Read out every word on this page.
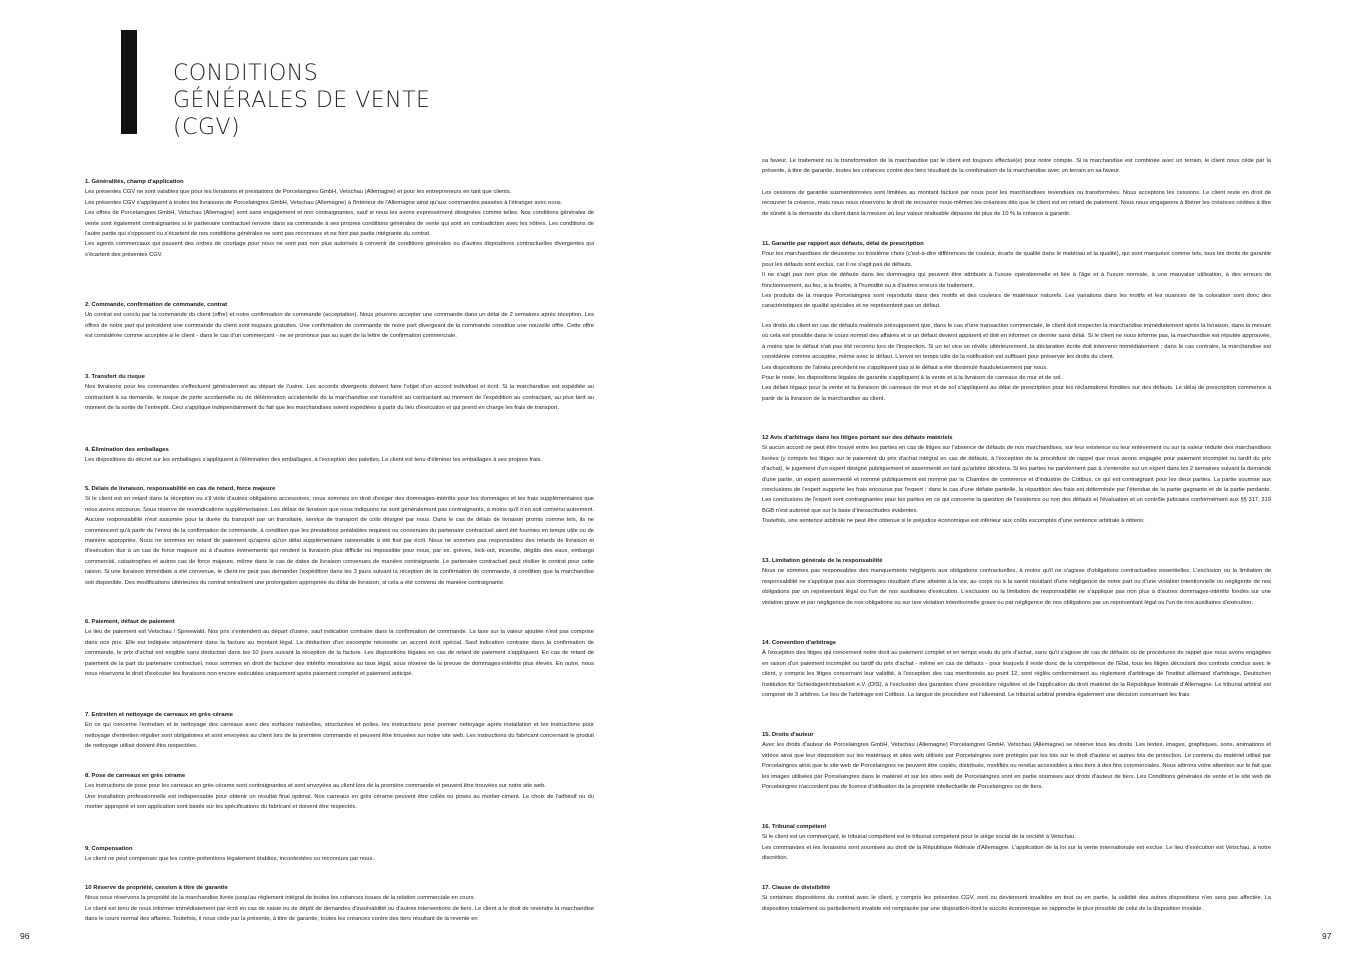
CONDITIONS
GÉNÉRALES DE VENTE
(CGV)
1. Généralités, champ d'application

Les présentes CGV ne sont valables que pour les livraisons et prestations de Porcelaingres GmbH, Vetschau (Allemagne) et pour les entrepreneurs en tant que clients.

Les présentes CGV s'appliquent à toutes les livraisons de Porcelaingres GmbH, Vetschau (Allemagne) à l'intérieur de l'Allemagne ainsi qu'aux commandes passées à l'étranger avec nous.

Les offres de Porcelaingres GmbH, Vetschau (Allemagne) sont sans engagement et non contraignantes, sauf si nous les avons expressément désignées comme telles. Nos conditions générales de vente sont également contraignantes si le partenaire contractuel renvoie dans sa commande à ses propres conditions générales de vente qui sont en contradiction avec les nôtres. Les conditions de l'autre partie qui s'opposent ou s'écartent de nos conditions générales ne sont pas reconnues et ne font pas partie intégrante du contrat.

Les agents commerciaux qui passent des ordres de courtage pour nous ne sont pas non plus autorisés à convenir de conditions générales ou d'autres dispositions contractuelles divergentes qui s'écartent des présentes CGV.

2. Commande, confirmation de commande, contrat

Un contrat est conclu par la commande du client (offre) et notre confirmation de commande (acceptation). Nous pouvons accepter une commande dans un délai de 2 semaines après réception. Les offres de notre part qui précèdent une commande du client sont toujours gratuites. Une confirmation de commande de notre part divergeant de la commande constitue une nouvelle offre. Cette offre est considérée comme acceptée si le client - dans le cas d'un commerçant - ne se prononce pas au sujet de la lettre de confirmation commerciale.

3. Transfert du risque

Nos livraisons pour les commandes s'effectuent généralement au départ de l'usine. Les accords divergents doivent faire l'objet d'un accord individuel et écrit. Si la marchandise est expédiée au contractant à sa demande, le risque de perte accidentelle ou de détérioration accidentelle de la marchandise est transféré au contractant au moment de l'expédition au contractant, au plus tard au moment de la sortie de l'entrepôt. Ceci s'applique indépendamment du fait que les marchandises soient expédiées à partir du lieu d'exécution et qui prend en charge les frais de transport.

4. Élimination des emballages

Les dispositions du décret sur les emballages s'appliquent à l'élimination des emballages, à l'exception des palettes. Le client est tenu d'éliminer les emballages à ses propres frais.

5. Délais de livraison, responsabilité en cas de retard, force majeure

Si le client est en retard dans la réception ou s'il viole d'autres obligations accessoires, nous sommes en droit d'exiger des dommages-intérêts pour les dommages et les frais supplémentaires que nous avons encourus. Sous réserve de revendications supplémentaires. Les délais de livraison que nous indiquons ne sont généralement pas contraignants, à moins qu'il n'en soit convenu autrement. Aucune responsabilité n'est assumée pour la durée du transport par un transitaire, service de transport de colis désigné par nous. Dans le cas de délais de livraison promis comme tels, ils ne commencent qu'à partir de l'envoi de la confirmation de commande, à condition que les prestations préalables requises ou convenues du partenaire contractuel aient été fournies en temps utile ou de manière appropriée. Nous ne sommes en retard de paiement qu'après qu'un délai supplémentaire raisonnable a été fixé par écrit. Nous ne sommes pas responsables des retards de livraison et d'exécution dus à un cas de force majeure ou à d'autres événements qui rendent la livraison plus difficile ou impossible pour nous, par ex. grèves, lock-out, incendie, dégâts des eaux, embargo commercial, catastrophes et autres cas de force majeure, même dans le cas de dates de livraison convenues de manière contraignante. Le partenaire contractuel peut résilier le contrat pour cette raison. Si une livraison immédiate a été convenue, le client ne peut pas demander l'expédition dans les 3 jours suivant la réception de la confirmation de commande, à condition que la marchandise soit disponible. Des modifications ultérieures du contrat entraînent une prolongation appropriée du délai de livraison, si cela a été convenu de manière contraignante.

6. Paiement, défaut de paiement

Le lieu de paiement est Vetschau / Spreewald. Nos prix s'entendent au départ d'usine, sauf indication contraire dans la confirmation de commande. La taxe sur la valeur ajoutée n'est pas comprise dans nos prix. Elle est indiquée séparément dans la facture au montant légal. La déduction d'un escompte nécessite un accord écrit spécial. Sauf indication contraire dans la confirmation de commande, le prix d'achat est exigible sans déduction dans les 10 jours suivant la réception de la facture. Les dispositions légales en cas de retard de paiement s'appliquent. En cas de retard de paiement de la part du partenaire contractuel, nous sommes en droit de facturer des intérêts moratoires au taux légal, sous réserve de la preuve de dommages-intérêts plus élevés. En outre, nous nous réservons le droit d'exécuter les livraisons non encore exécutées uniquement après paiement complet et paiement anticipé.

7. Entretien et nettoyage de carreaux en grès cérame

En ce qui concerne l'entretien et le nettoyage des carreaux avec des surfaces naturelles, structurées et polies, les instructions pour premier nettoyage après installation et les instructions pour nettoyage d'entretien régulier sont obligatoires et sont envoyées au client lors de la première commande et peuvent être trouvées sur notre site web. Les instructions du fabricant concernant le produit de nettoyage utilisé doivent être respectées.

8. Pose de carreaux en grès cérame

Les instructions de pose pour les carreaux en grès cérame sont contraignantes et sont envoyées au client lors de la première commande et peuvent être trouvées sur notre site web.

Une installation professionnelle est indispensable pour obtenir un résultat final optimal. Nos carreaux en grès cérame peuvent être collés ou posés au mortier-ciment. Le choix de l'adhésif ou du mortier approprié et son application sont basés sur les spécifications du fabricant et doivent être respectés.

9. Compensation

Le client ne peut compenser que les contre-prétentions légalement établies, incontestées ou reconnues par nous.

10 Réserve de propriété, cession à titre de garantie

Nous nous réservons la propriété de la marchandise livrée jusqu'au règlement intégral de toutes les créances issues de la relation commerciale en cours.

Le client est tenu de nous informer immédiatement par écrit en cas de saisie ou de dépôt de demandes d'insolvabilité ou d'autres interventions de tiers. Le client a le droit de revendre la marchandise dans le cours normal des affaires. Toutefois, il nous cède par la présente, à titre de garantie, toutes les créances contre des tiers résultant de la revente en

sa faveur. Le traitement ou la transformation de la marchandise par le client est toujours effectué(e) pour notre compte. Si la marchandise est combinée avec un terrain, le client nous cède par la présente, à titre de garantie, toutes les créances contre des tiers résultant de la combinaison de la marchandise avec un terrain en sa faveur.

Les cessions de garantie susmentionnées sont limitées au montant facturé par nous pour les marchandises revendues ou transformées. Nous acceptons les cessions. Le client reste en droit de recouvrer la créance, mais nous nous réservons le droit de recouvrer nous-mêmes les créances dès que le client est en retard de paiement. Nous nous engageons à libérer les créances cédées à titre de sûreté à la demande du client dans la mesure où leur valeur réalisable dépasse de plus de 10 % la créance à garantir.

11. Garantie par rapport aux défauts, délai de prescription

Pour les marchandises de deuxième ou troisième choix (c'est-à-dire différences de couleur, écarts de qualité dans le matériau et la qualité), qui sont marquées comme tels, tous les droits de garantie pour les défauts sont exclus, car il ne s'agit pas de défauts.

Il ne s'agit pas non plus de défauts dans les dommages qui peuvent être attribués à l'usure opérationnelle et liée à l'âge et à l'usure normale, à une mauvaise utilisation, à des erreurs de fonctionnement, au feu, à la foudre, à l'humidité ou à d'autres erreurs de traitement.

Les produits de la marque Porcelaingres sont reproduits dans des motifs et des couleurs de matériaux naturels. Les variations dans les motifs et les nuances de la coloration sont donc des caractéristiques de qualité spéciales et ne représentent pas un défaut.

Les droits du client en cas de défauts matériels présupposent que, dans le cas d'une transaction commerciale, le client doit inspecter la marchandise immédiatement après la livraison, dans la mesure où cela est possible dans le cours normal des affaires et si un défaut devient apparent et doit en informer ce dernier sans délai. Si le client ne nous informe pas, la marchandise est réputée approuvée, à moins que le défaut n'ait pas été reconnu lors de l'inspection. Si un tel vice se révèle ultérieurement, la déclaration écrite doit intervenir immédiatement ; dans le cas contraire, la marchandise est considérée comme acceptée, même avec le défaut. L'envoi en temps utile de la notification est suffisant pour préserver les droits du client.

Les dispositions de l'alinéa précédent ne s'appliquent pas si le défaut a été dissimulé frauduleusement par nous.

Pour le reste, les dispositions légales de garantie s'appliquent à la vente et à la livraison de carreaux de mur et de sol.

Les délais légaux pour la vente et la livraison de carreaux de mur et de sol s'appliquent au délai de prescription pour les réclamations fondées sur des défauts. Le délai de prescription commence à partir de la livraison de la marchandise au client.

12 Avis d'arbitrage dans les litiges portant sur des défauts matériels

Si aucun accord ne peut être trouvé entre les parties en cas de litiges sur l'absence de défauts de nos marchandises, sur leur existence ou leur enlèvement ou sur la valeur réduite des marchandises livrées (y compris les litiges sur le paiement du prix d'achat intégral en cas de défauts, à l'exception de la procédure de rappel que nous avons engagée pour paiement incomplet ou tardif du prix d'achat), le jugement d'un expert désigné publiquement et assermenté en tant qu'arbitre décidera. Si les parties ne parviennent pas à s'entendre sur un expert dans les 2 semaines suivant la demande d'une partie, un expert assermenté et nommé publiquement est nommé par la Chambre de commerce et d'industrie de Cottbus, ce qui est contraignant pour les deux parties. La partie soumise aux conclusions de l'expert supporte les frais encourus par l'expert ; dans le cas d'une défaite partielle, la répartition des frais est déterminée par l'étendue de la partie gagnante et de la partie perdante. Les conclusions de l'expert sont contraignantes pour les parties en ce qui concerne la question de l'existence ou non des défauts et l'évaluation et un contrôle judiciaire conformément aux §§ 317, 319 BGB n'est autorisé que sur la base d'inexactitudes évidentes.

Toutefois, une sentence arbitrale ne peut être obtenue si le préjudice économique est inférieur aux coûts escomptés d'une sentence arbitrale à obtenir.

13. Limitation générale de la responsabilité

Nous ne sommes pas responsables des manquements négligents aux obligations contractuelles, à moins qu'il ne s'agisse d'obligations contractuelles essentielles. L'exclusion ou la limitation de responsabilité ne s'applique pas aux dommages résultant d'une atteinte à la vie, au corps ou à la santé résultant d'une négligence de notre part ou d'une violation intentionnelle ou négligente de nos obligations par un représentant légal ou l'un de nos auxiliaires d'exécution. L'exclusion ou la limitation de responsabilité ne s'applique pas non plus à d'autres dommages-intérêts fondés sur une violation grave et par négligence de nos obligations ou sur une violation intentionnelle grave ou par négligence de nos obligations par un représentant légal ou l'un de nos auxiliaires d'exécution.

14. Convention d'arbitrage

À l'exception des litiges qui concernent notre droit au paiement complet et en temps voulu du prix d'achat, sans qu'il s'agisse de cas de défauts ou de procédures de rappel que nous avons engagées en raison d'un paiement incomplet ou tardif du prix d'achat - même en cas de défauts - pour lesquels il reste donc de la compétence de l'État, tous les litiges découlant des contrats conclus avec le client, y compris les litiges concernant leur validité, à l'exception des cas mentionnés au point 12, sont réglés conformément au règlement d'arbitrage de l'institut allemand d'arbitrage, Deutschen Institution für Schiedsgerichtsbarkeit e.V. (DIS), à l'exclusion des garanties d'une procédure régulière et de l'application du droit matériel de la République fédérale d'Allemagne. Le tribunal arbitral est composé de 3 arbitres. Le lieu de l'arbitrage est Cottbus. La langue de procédure est l'allemand. Le tribunal arbitral prendra également une décision concernant les frais.

15. Droits d'auteur

Avec les droits d'auteur de Porcelaingres GmbH, Vetschau (Allemagne) Porcelaingres GmbH, Vetschau (Allemagne) se réserve tous les droits. Les textes, images, graphiques, sons, animations et vidéos ainsi que leur disposition sur les matériaux et sites web utilisés par Porcelaingres sont protégés par les lois sur le droit d'auteur et autres lois de protection. Le contenu du matériel utilisé par Porcelaingres ainsi que le site web de Porcelaingres ne peuvent être copiés, distribués, modifiés ou rendus accessibles à des tiers à des fins commerciales. Nous attirons votre attention sur le fait que les images utilisées par Porcelaingres dans le matériel et sur les sites web de Porcelaingres sont en partie soumises aux droits d'auteur de tiers. Les Conditions générales de vente et le site web de Porcelaingres n'accordent pas de licence d'utilisation de la propriété intellectuelle de Porcelaingres ou de tiers.

16. Tribunal compétent

Si le client est un commerçant, le tribunal compétent est le tribunal compétent pour le siège social de la société à Vetschau.

Les commandes et les livraisons sont soumises au droit de la République fédérale d'Allemagne. L'application de la loi sur la vente internationale est exclue. Le lieu d'exécution est Vetschau, à notre discrétion.

17. Clause de divisibilité

Si certaines dispositions du contrat avec le client, y compris les présentes CGV, sont ou deviennent invalides en tout ou en partie, la validité des autres dispositions n'en sera pas affectée. La disposition totalement ou partiellement invalide est remplacée par une disposition dont le succès économique se rapproche le plus possible de celui de la disposition invalide.

96	97
